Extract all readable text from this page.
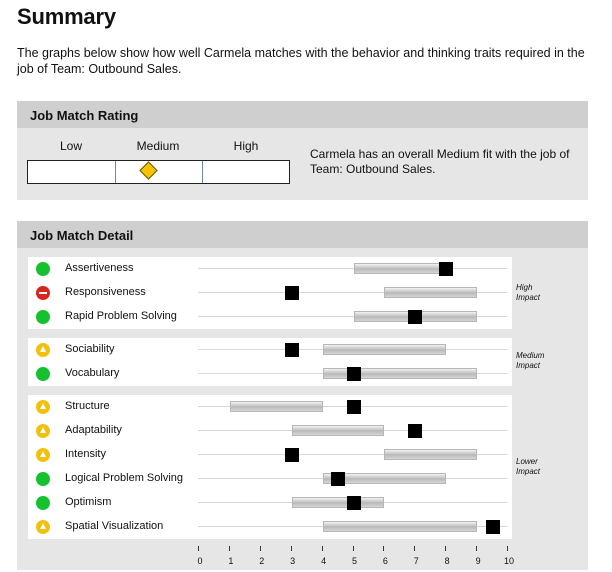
Summary
The graphs below show how well Carmela matches with the behavior and thinking traits required in the job of Team: Outbound Sales.
Job Match Rating
Low	Medium	High
Carmela has an overall Medium fit with the job of Team: Outbound Sales.
Job Match Detail
Assertiveness
Responsiveness
Rapid Problem Solving
High
Impact
Sociability
Vocabulary
Medium
Impact
Structure
Adaptability
Intensity
Logical Problem Solving
Optimism
Spatial Visualization
Lower
Impact
0	1	2	3	4	5	6	7	8	9	10
